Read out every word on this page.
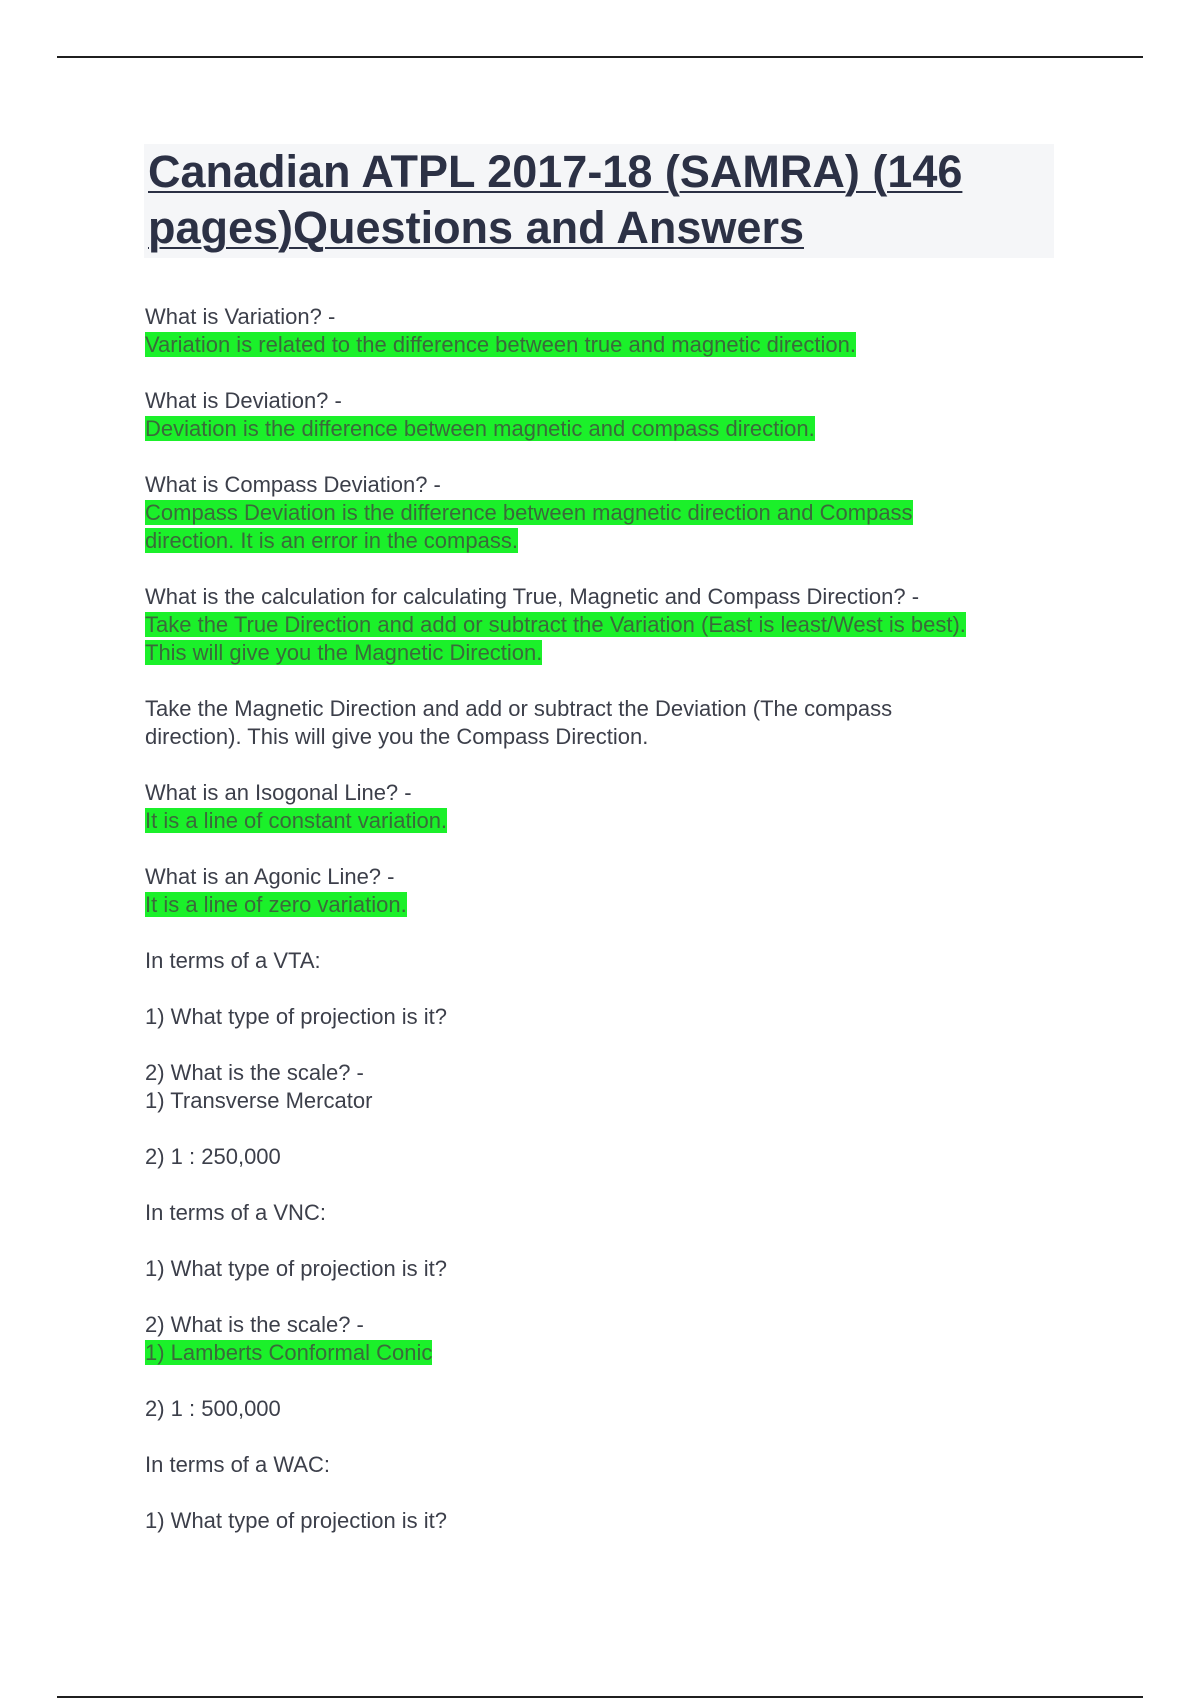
Canadian ATPL 2017-18 (SAMRA) (146
pages)Questions and Answers
What is Variation? -
Variation is related to the difference between true and magnetic direction.
What is Deviation? -
Deviation is the difference between magnetic and compass direction.
What is Compass Deviation? -
Compass Deviation is the difference between magnetic direction and Compass
direction. It is an error in the compass.
What is the calculation for calculating True, Magnetic and Compass Direction? -
Take the True Direction and add or subtract the Variation (East is least/West is best).
This will give you the Magnetic Direction.
Take the Magnetic Direction and add or subtract the Deviation (The compass
direction). This will give you the Compass Direction.
What is an Isogonal Line? -
It is a line of constant variation.
What is an Agonic Line? -
It is a line of zero variation.
In terms of a VTA:
1) What type of projection is it?
2) What is the scale? -
1) Transverse Mercator
2) 1 : 250,000
In terms of a VNC:
1) What type of projection is it?
2) What is the scale? -
1) Lamberts Conformal Conic
2) 1 : 500,000
In terms of a WAC:
1) What type of projection is it?
